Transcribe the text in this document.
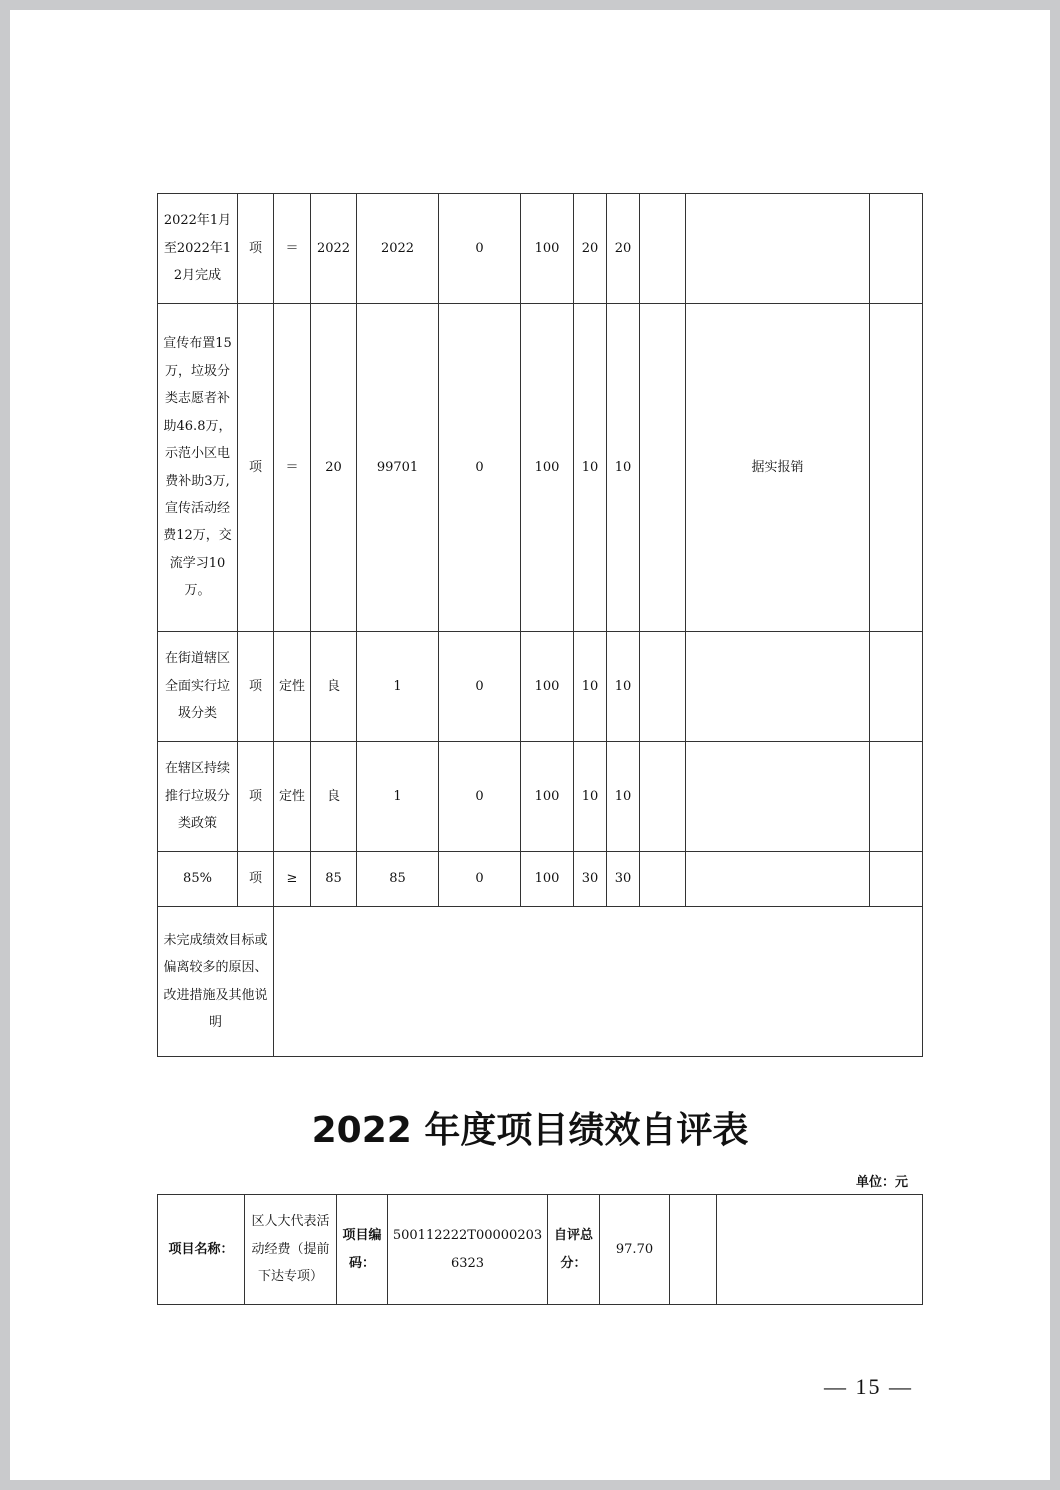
2022年1月至2022年12月完成	项	＝	2022	2022	0	100	20	20			
宣传布置15万，垃圾分类志愿者补助46.8万，示范小区电费补助3万,宣传活动经费12万，交流学习10万。	项	＝	20	99701	0	100	10	10		据实报销	
在街道辖区全面实行垃圾分类	项	定性	良	1	0	100	10	10			
在辖区持续推行垃圾分类政策	项	定性	良	1	0	100	10	10			
85%	项	≥	85	85	0	100	30	30			
未完成绩效目标或偏离较多的原因、改进措施及其他说明											
2022 年度项目绩效自评表
单位：元
项目名称：	区人大代表活动经费（提前下达专项）	项目编码：	500112222T000002036323	自评总分：	97.70		
— 15 —
